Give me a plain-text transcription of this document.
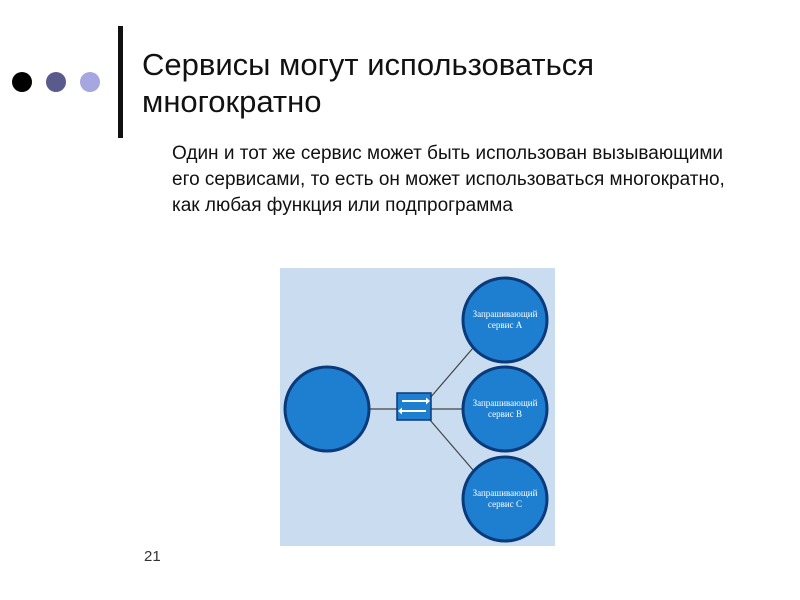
Сервисы могут использоваться многократно
Один и тот же сервис может быть использован вызывающими его сервисами, то есть он может использоваться многократно, как любая функция или подпрограмма
Запрашивающий
сервис A
Запрашивающий
сервис B
Запрашивающий
сервис C
21
